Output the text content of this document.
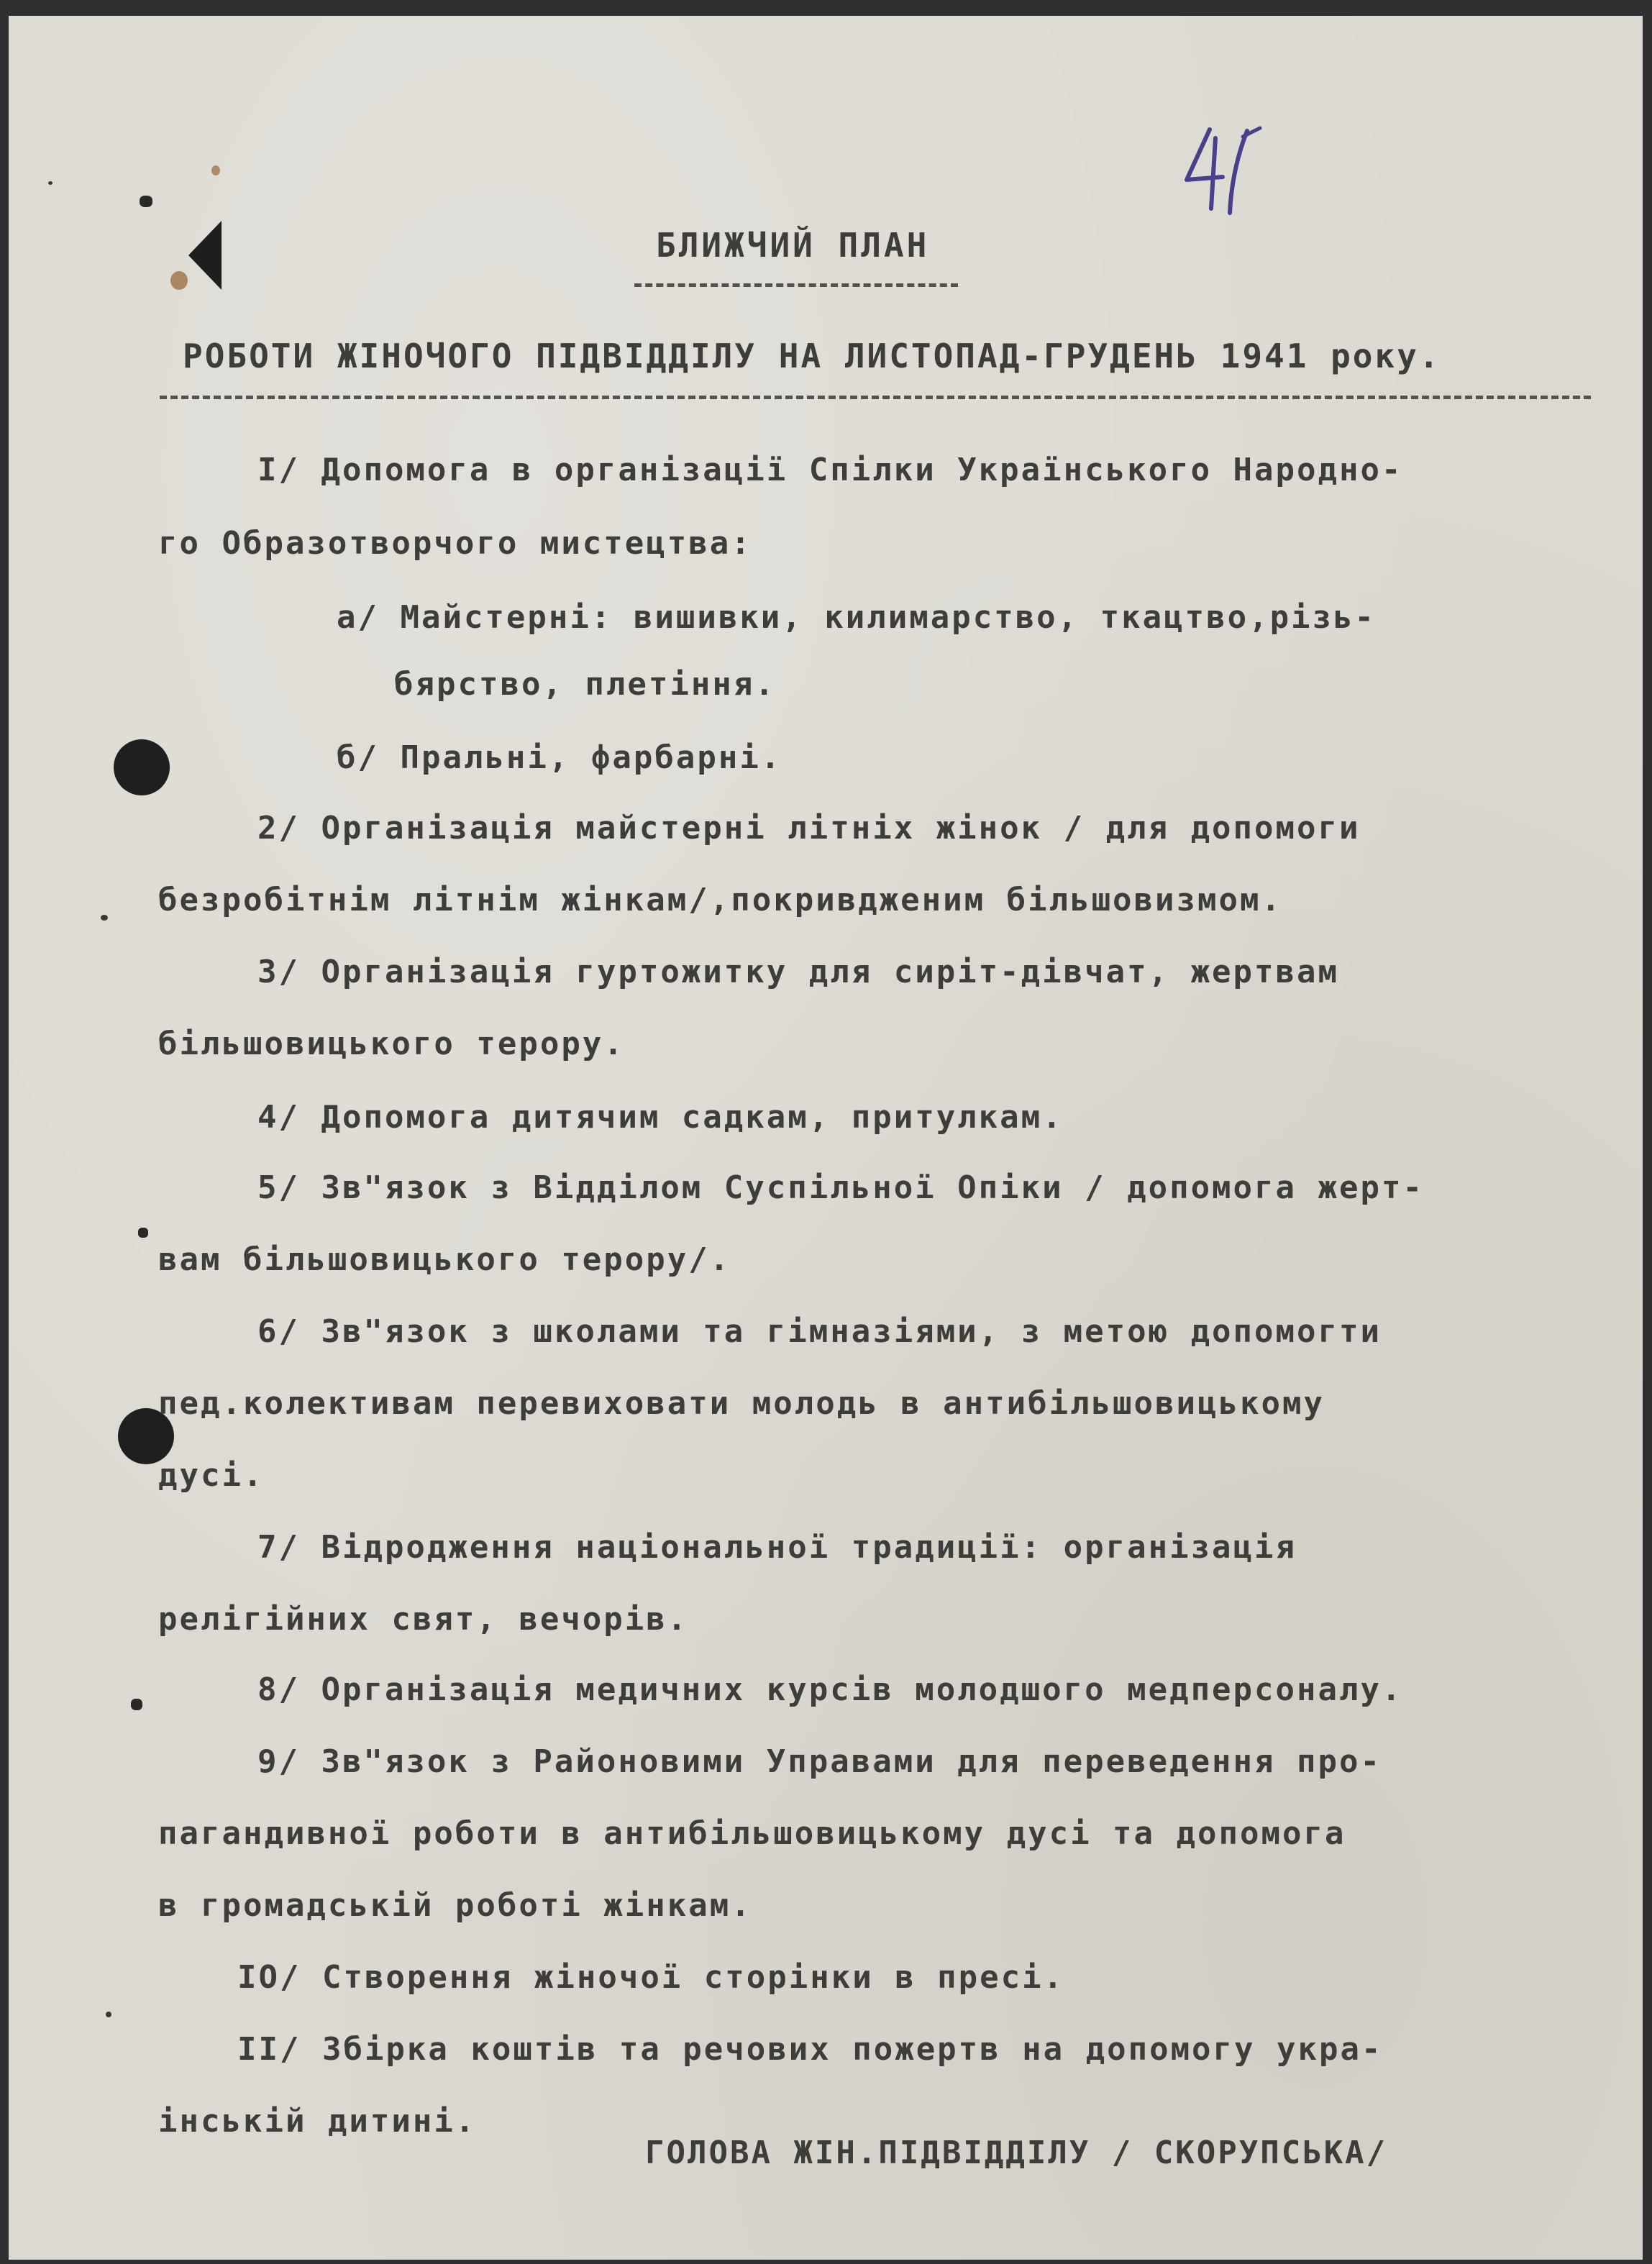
БЛИЖЧИЙ ПЛАН
РОБОТИ ЖІНОЧОГО ПІДВІДДІЛУ НА ЛИСТОПАД-ГРУДЕНЬ 1941 року.
I/ Допомога в організації Спілки Українського Народно-
го Образотворчого мистецтва:
а/ Майстерні: вишивки, килимарство, ткацтво,різь-
бярство, плетіння.
б/ Пральні, фарбарні.
2/ Організація майстерні літніх жінок / для допомоги
безробітнім літнім жінкам/,покривдженим більшовизмом.
3/ Організація гуртожитку для сиріт-дівчат, жертвам
більшовицького терору.
4/ Допомога дитячим садкам, притулкам.
5/ Зв"язок з Відділом Суспільної Опіки / допомога жерт-
вам більшовицького терору/.
6/ Зв"язок з школами та гімназіями, з метою допомогти
пед.колективам перевиховати молодь в антибільшовицькому
дусі.
7/ Відродження національної традиції: організація
релігійних свят, вечорів.
8/ Організація медичних курсів молодшого медперсоналу.
9/ Зв"язок з Районовими Управами для переведення про-
пагандивної роботи в антибільшовицькому дусі та допомога
в громадській роботі жінкам.
IO/ Створення жіночої сторінки в пресі.
II/ Збірка коштів та речових пожертв на допомогу укра-
інській дитині.
ГОЛОВА ЖІН.ПІДВІДДІЛУ / СКОРУПСЬКА/
